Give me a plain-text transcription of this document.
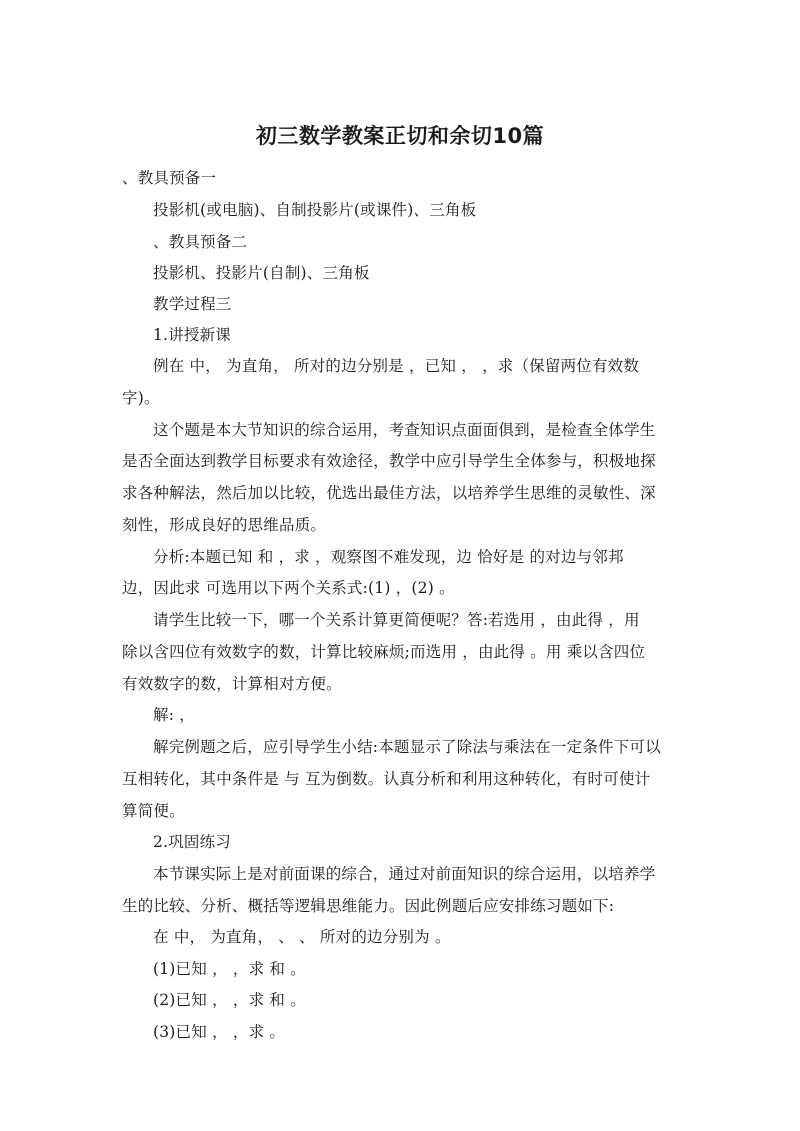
初三数学教案正切和余切10篇
、教具预备一
投影机(或电脑)、自制投影片(或课件)、三角板
、教具预备二
投影机、投影片(自制)、三角板
教学过程三
1.讲授新课
例在 中， 为直角， 所对的边分别是 ，已知 ， ，求（保留两位有效数
字)。
这个题是本大节知识的综合运用，考查知识点面面俱到，是检查全体学生
是否全面达到教学目标要求有效途径，教学中应引导学生全体参与，积极地探
求各种解法，然后加以比较，优选出最佳方法，以培养学生思维的灵敏性、深
刻性，形成良好的思维品质。
分析:本题已知 和 ，求 ，观察图不难发现，边 恰好是 的对边与邻邦
边，因此求 可选用以下两个关系式:(1) ，(2) 。
请学生比较一下，哪一个关系计算更简便呢？答:若选用 ，由此得 ，用
除以含四位有效数字的数，计算比较麻烦;而选用 ，由此得 。用 乘以含四位
有效数字的数，计算相对方便。
解: ，
解完例题之后，应引导学生小结:本题显示了除法与乘法在一定条件下可以
互相转化，其中条件是 与 互为倒数。认真分析和利用这种转化，有时可使计
算简便。
2.巩固练习
本节课实际上是对前面课的综合，通过对前面知识的综合运用，以培养学
生的比较、分析、概括等逻辑思维能力。因此例题后应安排练习题如下:
在 中， 为直角， 、 、 所对的边分别为 。
(1)已知 ， ，求 和 。
(2)已知 ， ，求 和 。
(3)已知 ， ，求 。
